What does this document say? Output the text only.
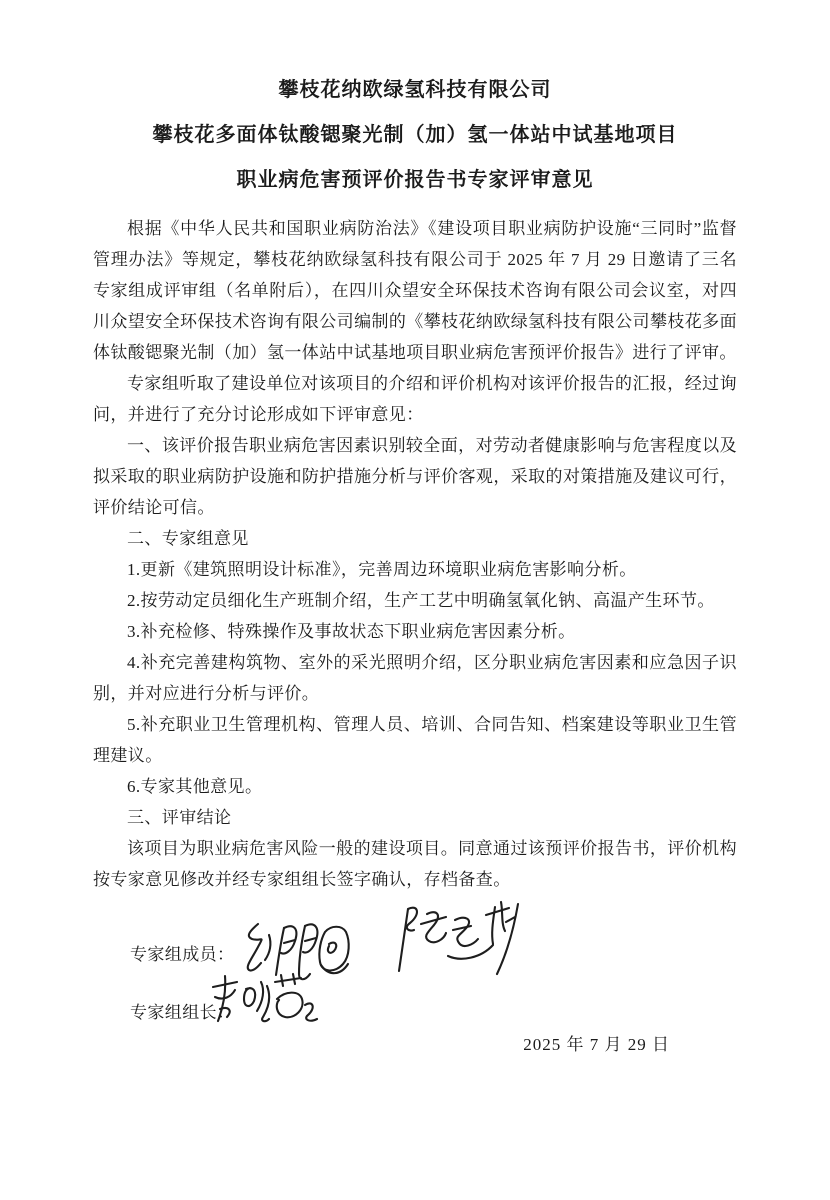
攀枝花纳欧绿氢科技有限公司
攀枝花多面体钛酸锶聚光制（加）氢一体站中试基地项目
职业病危害预评价报告书专家评审意见

根据《中华人民共和国职业病防治法》《建设项目职业病防护设施“三同时”监督管理办法》等规定，攀枝花纳欧绿氢科技有限公司于 2025 年 7 月 29 日邀请了三名专家组成评审组（名单附后），在四川众望安全环保技术咨询有限公司会议室，对四川众望安全环保技术咨询有限公司编制的《攀枝花纳欧绿氢科技有限公司攀枝花多面体钛酸锶聚光制（加）氢一体站中试基地项目职业病危害预评价报告》进行了评审。

专家组听取了建设单位对该项目的介绍和评价机构对该评价报告的汇报，经过询问，并进行了充分讨论形成如下评审意见：

一、该评价报告职业病危害因素识别较全面，对劳动者健康影响与危害程度以及拟采取的职业病防护设施和防护措施分析与评价客观，采取的对策措施及建议可行，评价结论可信。

二、专家组意见

1.更新《建筑照明设计标准》，完善周边环境职业病危害影响分析。

2.按劳动定员细化生产班制介绍，生产工艺中明确氢氧化钠、高温产生环节。

3.补充检修、特殊操作及事故状态下职业病危害因素分析。

4.补充完善建构筑物、室外的采光照明介绍，区分职业病危害因素和应急因子识别，并对应进行分析与评价。

5.补充职业卫生管理机构、管理人员、培训、合同告知、档案建设等职业卫生管理建议。

6.专家其他意见。

三、评审结论

该项目为职业病危害风险一般的建设项目。同意通过该预评价报告书，评价机构按专家意见修改并经专家组组长签字确认，存档备查。

专家组成员：
专家组组长：
2025 年 7 月 29 日
